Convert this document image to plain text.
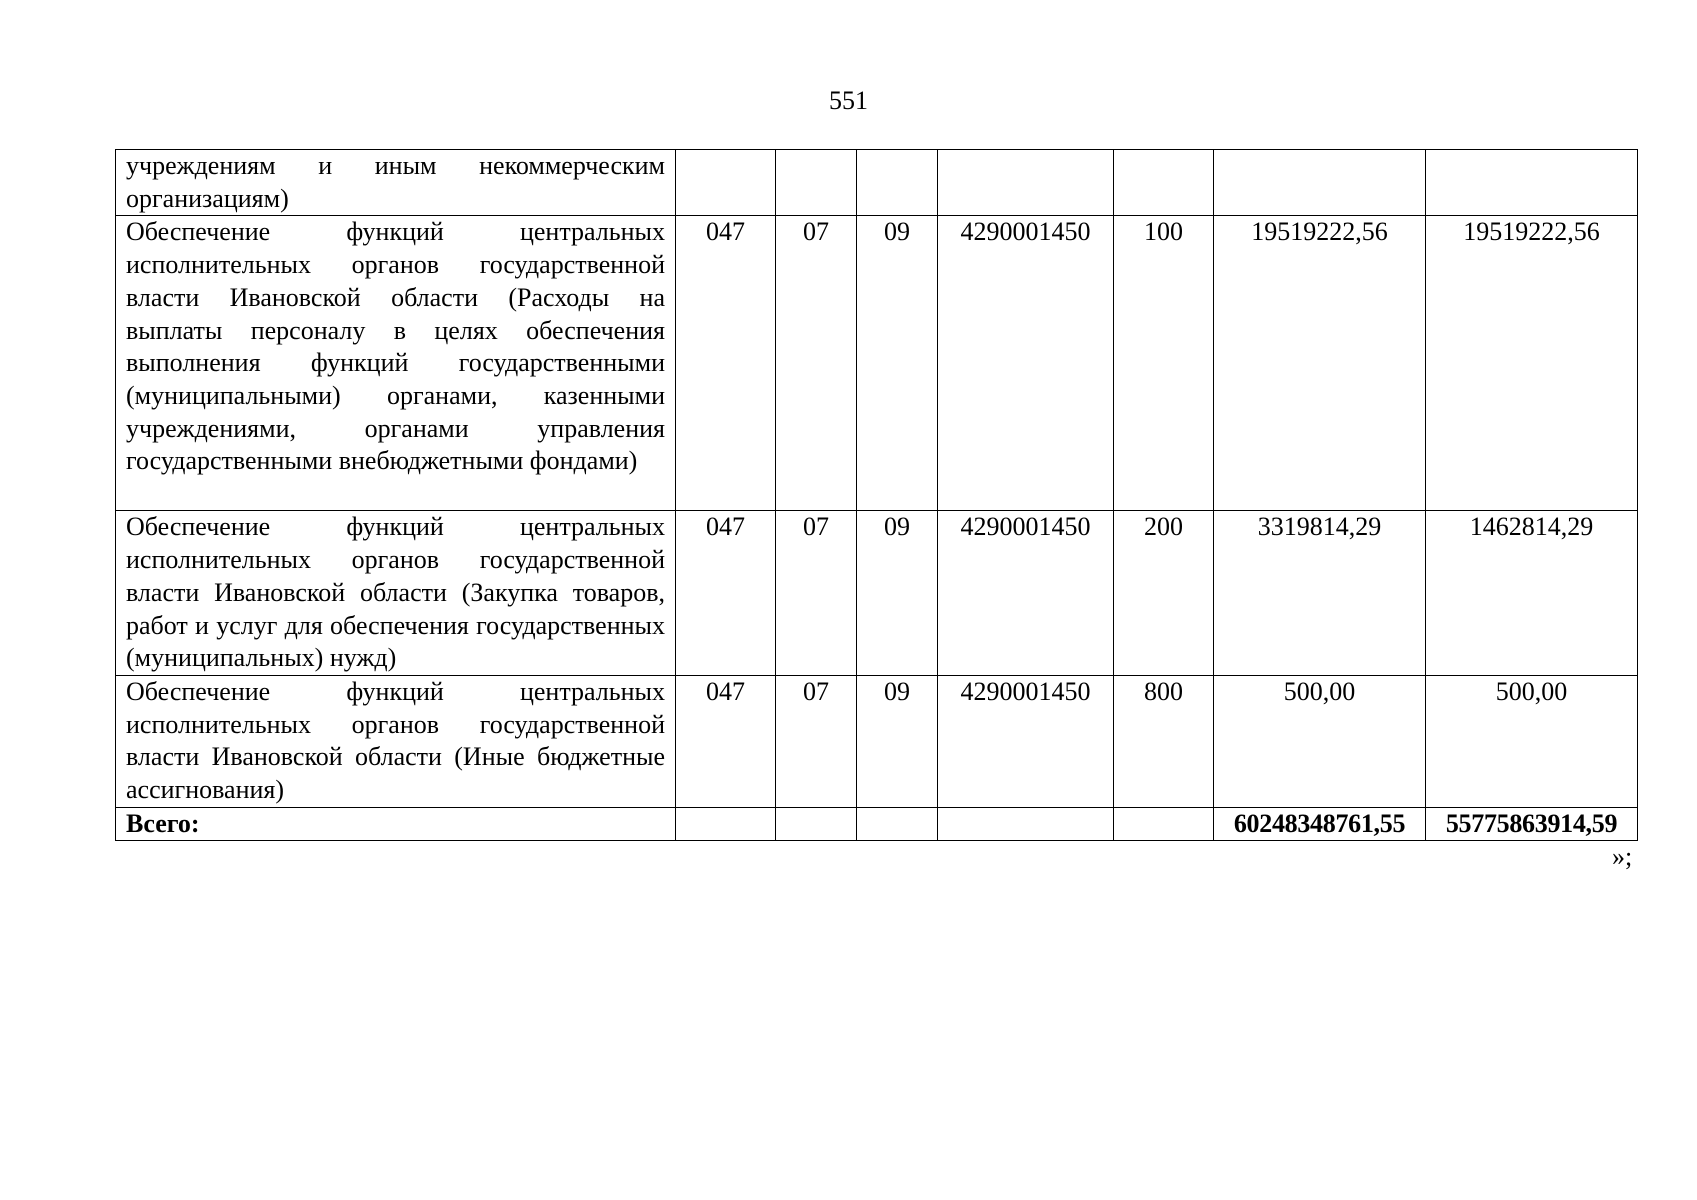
551
учреждениям и иным некоммерческим организациям)							
Обеспечение функций центральных исполнительных органов государственной власти Ивановской области (Расходы на выплаты персоналу в целях обеспечения выполнения функций государственными (муниципальными) органами, казенными учреждениями, органами управления государственными внебюджетными фондами)	047	07	09	4290001450	100	19519222,56	19519222,56
Обеспечение функций центральных исполнительных органов государственной власти Ивановской области (Закупка товаров, работ и услуг для обеспечения государственных (муниципальных) нужд)	047	07	09	4290001450	200	3319814,29	1462814,29
Обеспечение функций центральных исполнительных органов государственной власти Ивановской области (Иные бюджетные ассигнования)	047	07	09	4290001450	800	500,00	500,00
Всего:						60248348761,55	55775863914,59
»;
